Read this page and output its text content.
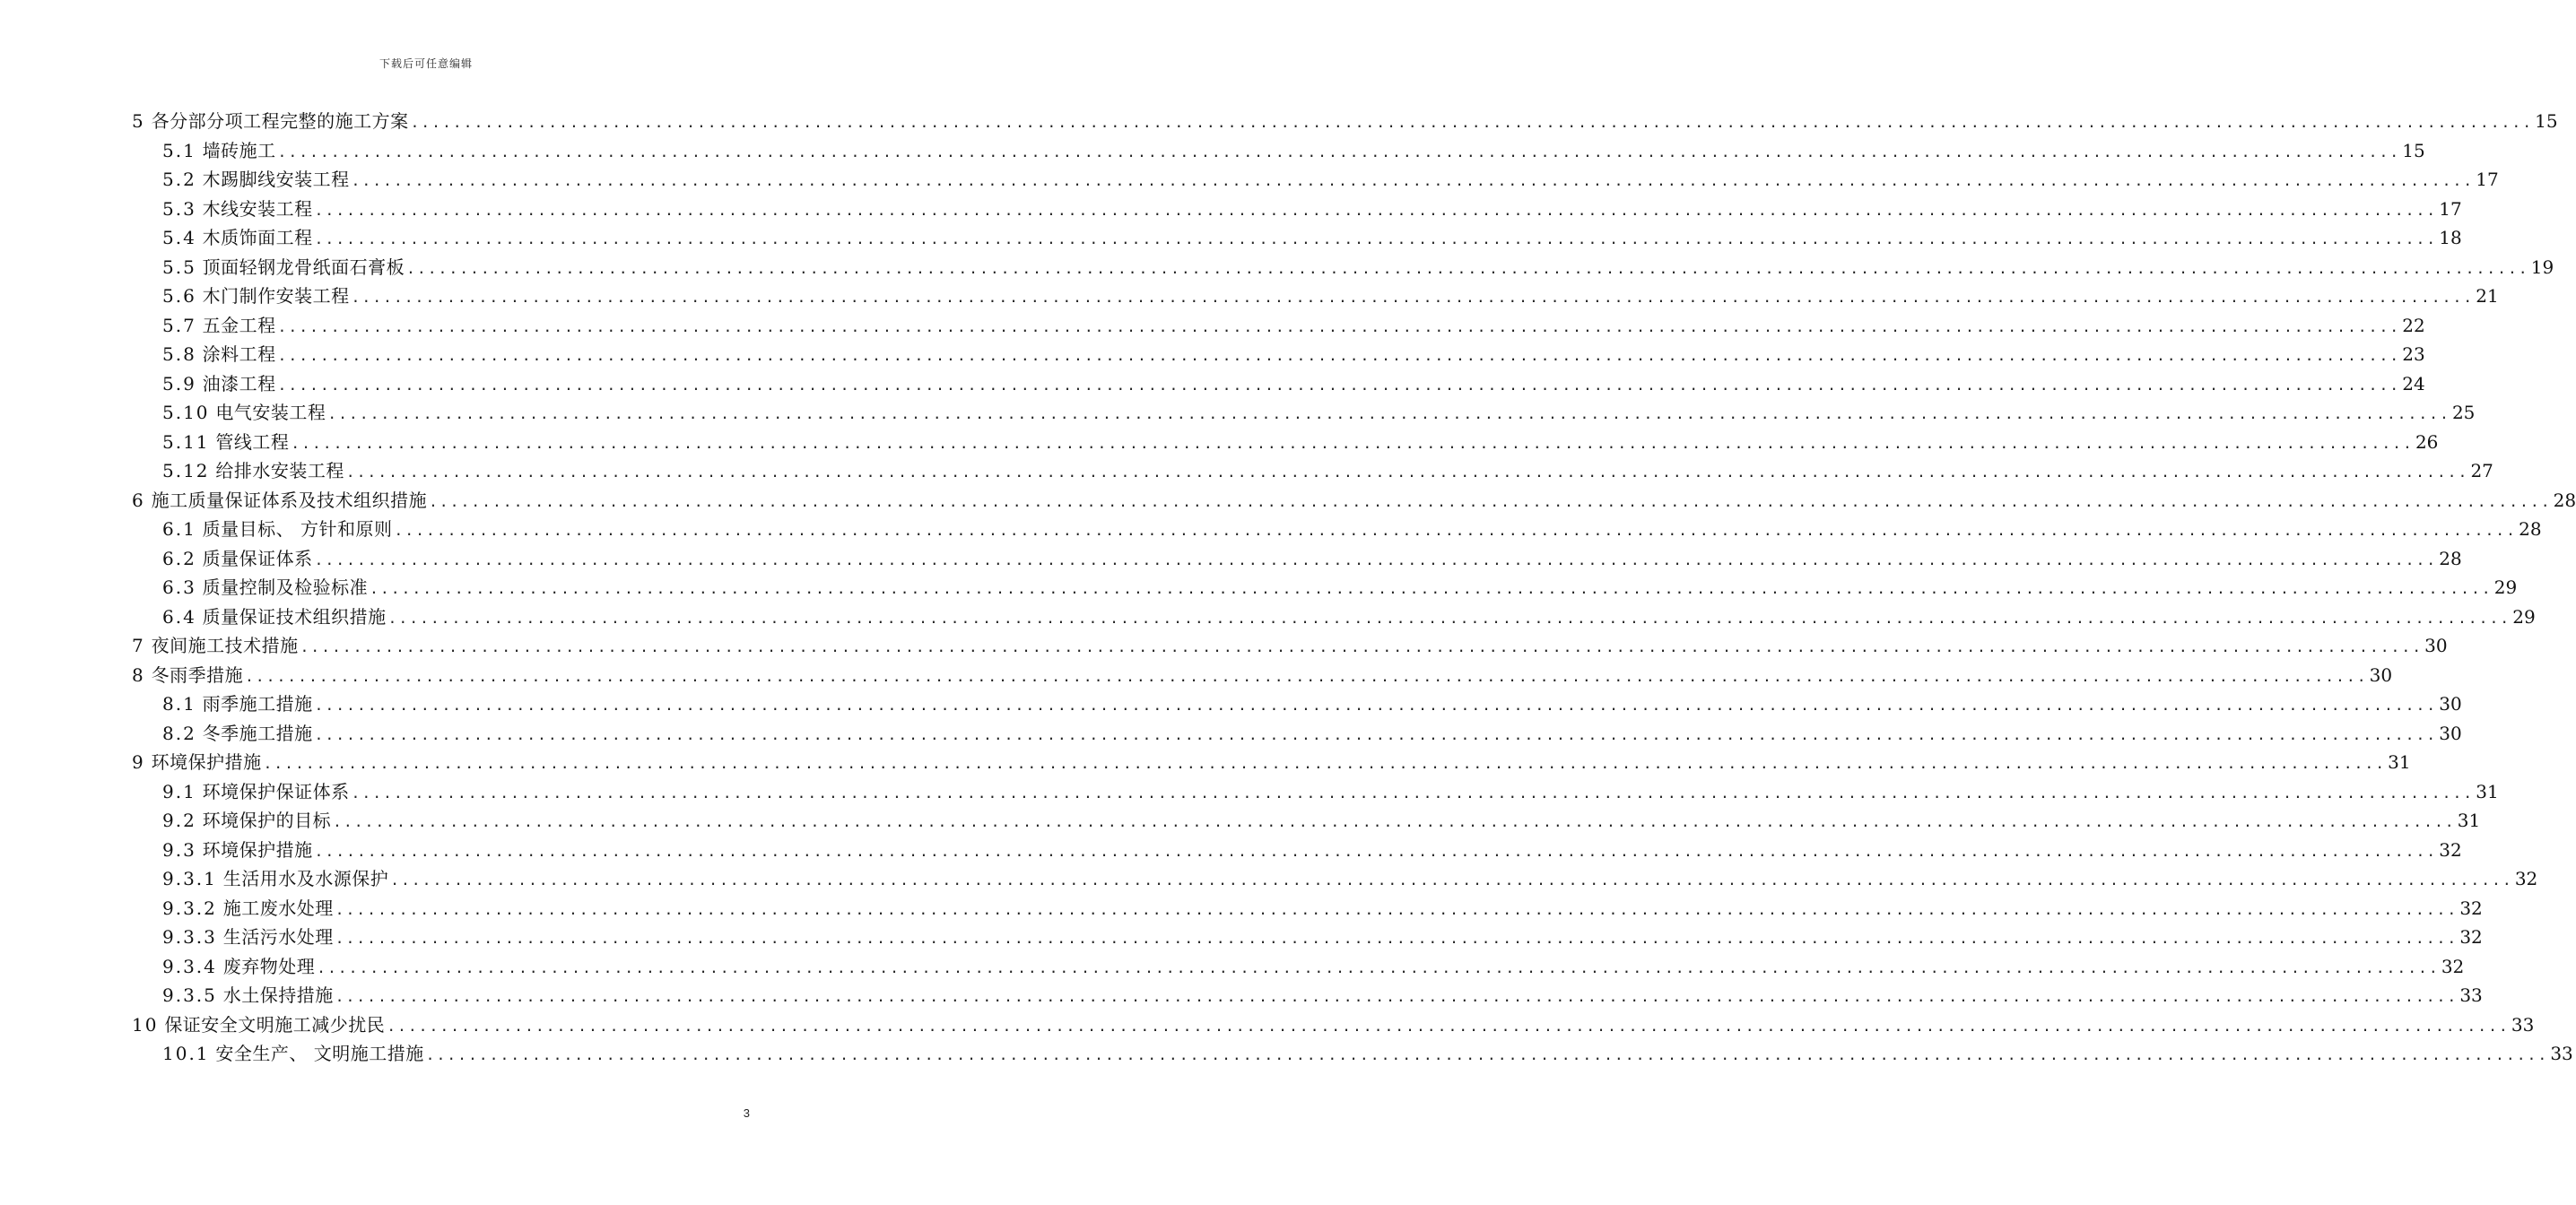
下载后可任意编辑
5 各分部分项工程完整的施工方案 ........................................................................................................................................................................................................ 15
5.1 墙砖施工 ........................................................................................................................................................................................................ 15
5.2 木踢脚线安装工程 ........................................................................................................................................................................................................ 17
5.3 木线安装工程 ........................................................................................................................................................................................................ 17
5.4 木质饰面工程 ........................................................................................................................................................................................................ 18
5.5 顶面轻钢龙骨纸面石膏板 ........................................................................................................................................................................................................ 19
5.6 木门制作安装工程 ........................................................................................................................................................................................................ 21
5.7 五金工程 ........................................................................................................................................................................................................ 22
5.8 涂料工程 ........................................................................................................................................................................................................ 23
5.9 油漆工程 ........................................................................................................................................................................................................ 24
5.10 电气安装工程 ........................................................................................................................................................................................................ 25
5.11 管线工程 ........................................................................................................................................................................................................ 26
5.12 给排水安装工程 ........................................................................................................................................................................................................ 27
6 施工质量保证体系及技术组织措施 ........................................................................................................................................................................................................ 28
6.1 质量目标、 方针和原则 ........................................................................................................................................................................................................ 28
6.2 质量保证体系 ........................................................................................................................................................................................................ 28
6.3 质量控制及检验标准 ........................................................................................................................................................................................................ 29
6.4 质量保证技术组织措施 ........................................................................................................................................................................................................ 29
7 夜间施工技术措施 ........................................................................................................................................................................................................ 30
8 冬雨季措施 ........................................................................................................................................................................................................ 30
8.1 雨季施工措施 ........................................................................................................................................................................................................ 30
8.2 冬季施工措施 ........................................................................................................................................................................................................ 30
9 环境保护措施 ........................................................................................................................................................................................................ 31
9.1 环境保护保证体系 ........................................................................................................................................................................................................ 31
9.2 环境保护的目标 ........................................................................................................................................................................................................ 31
9.3 环境保护措施 ........................................................................................................................................................................................................ 32
9.3.1 生活用水及水源保护 ........................................................................................................................................................................................................ 32
9.3.2 施工废水处理 ........................................................................................................................................................................................................ 32
9.3.3 生活污水处理 ........................................................................................................................................................................................................ 32
9.3.4 废弃物处理 ........................................................................................................................................................................................................ 32
9.3.5 水土保持措施 ........................................................................................................................................................................................................ 33
10 保证安全文明施工减少扰民 ........................................................................................................................................................................................................ 33
10.1 安全生产、 文明施工措施 ........................................................................................................................................................................................................ 33
3
